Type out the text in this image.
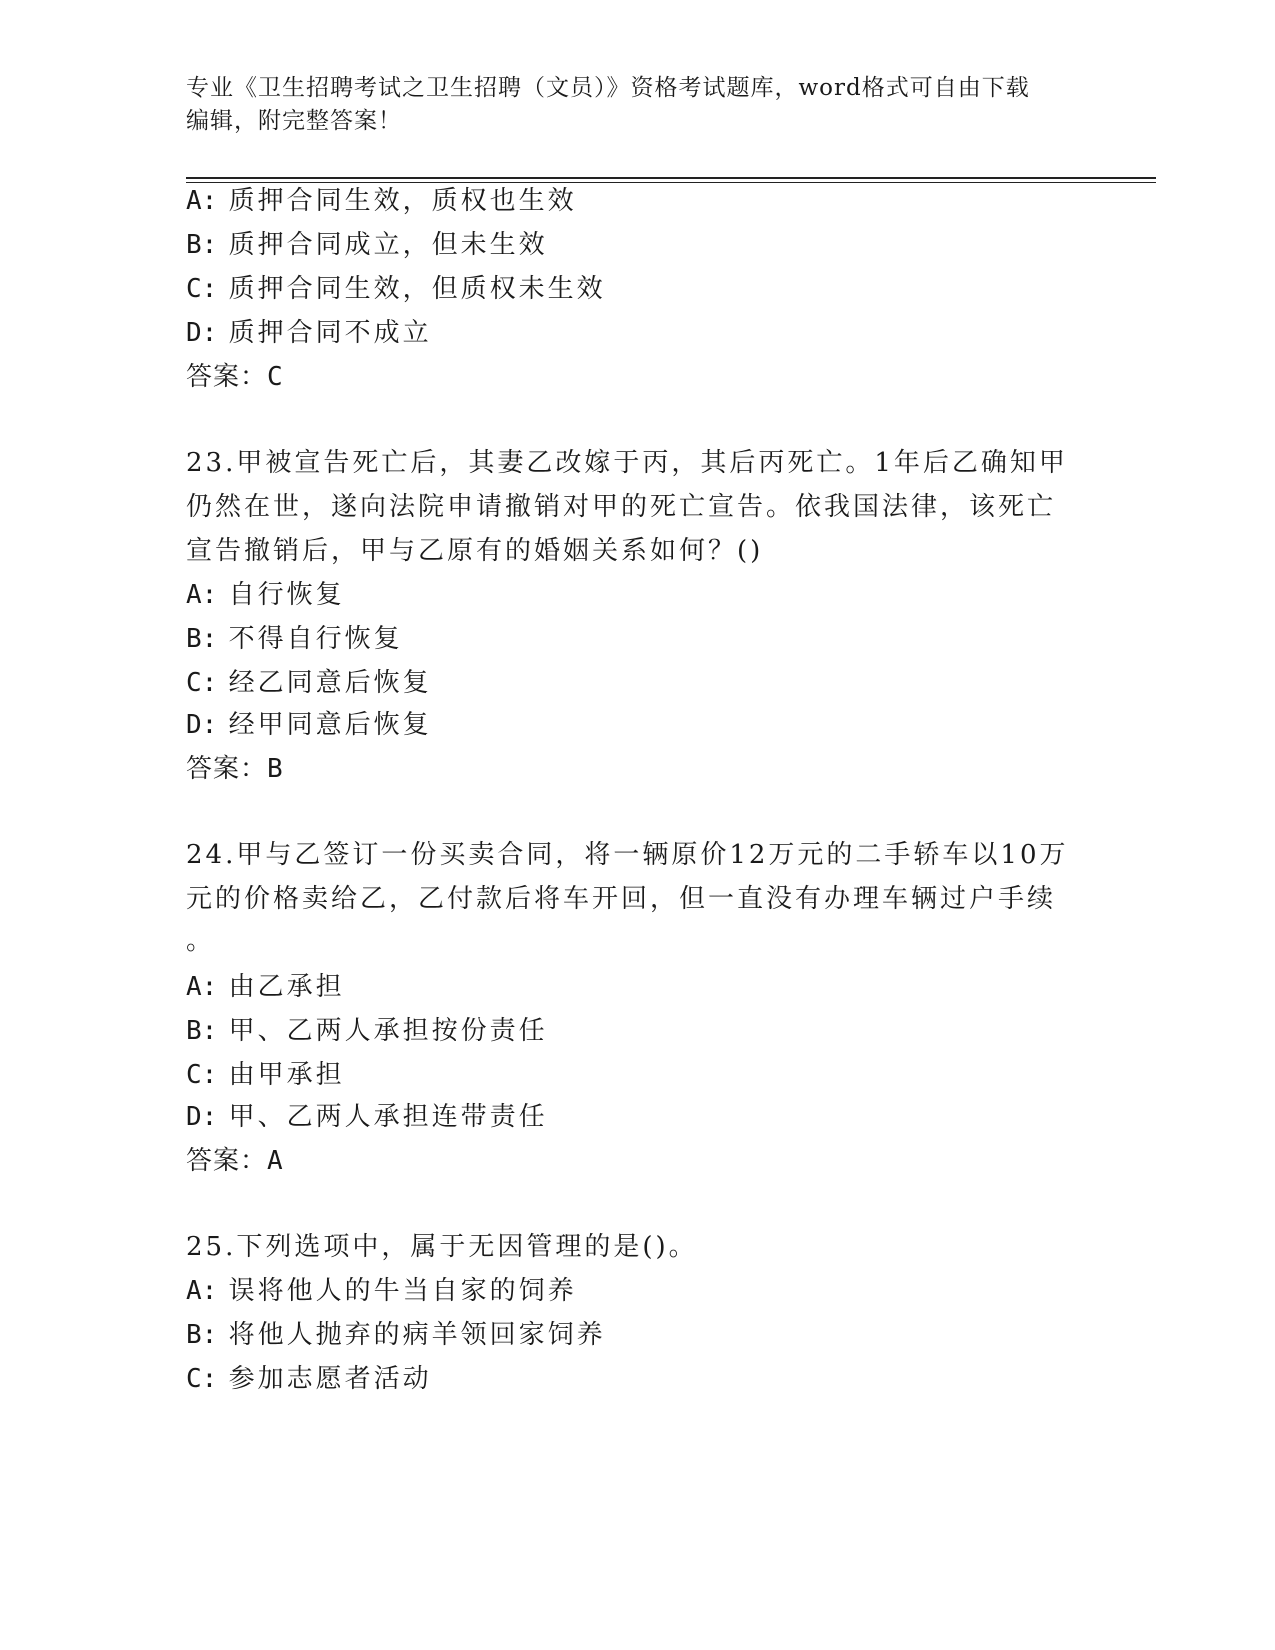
专业《卫生招聘考试之卫生招聘（文员）》资格考试题库，word格式可自由下载
编辑，附完整答案！
A: 质押合同生效，质权也生效
B: 质押合同成立，但未生效
C: 质押合同生效，但质权未生效
D: 质押合同不成立
答案：C
23.甲被宣告死亡后，其妻乙改嫁于丙，其后丙死亡。1年后乙确知甲
仍然在世，遂向法院申请撤销对甲的死亡宣告。依我国法律，该死亡
宣告撤销后，甲与乙原有的婚姻关系如何？()
A: 自行恢复
B: 不得自行恢复
C: 经乙同意后恢复
D: 经甲同意后恢复
答案：B
24.甲与乙签订一份买卖合同，将一辆原价12万元的二手轿车以10万
元的价格卖给乙，乙付款后将车开回，但一直没有办理车辆过户手续
。
A: 由乙承担
B: 甲、乙两人承担按份责任
C: 由甲承担
D: 甲、乙两人承担连带责任
答案：A
25.下列选项中，属于无因管理的是()。
A: 误将他人的牛当自家的饲养
B: 将他人抛弃的病羊领回家饲养
C: 参加志愿者活动
